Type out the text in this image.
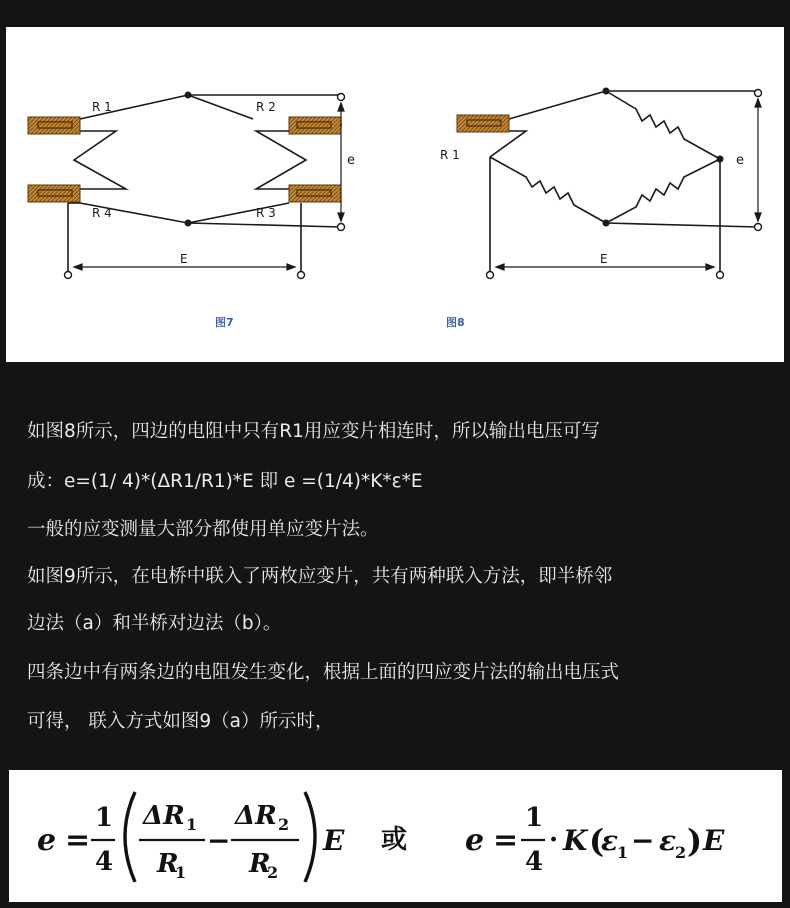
R 1	R 2
R 3
R 4
e
E
R 1	e
E
图7	图8

如图8所示，四边的电阻中只有R1用应变片相连时，所以输出电压可写

成：e=(1/ 4)*(ΔR1/R1)*E 即 e =(1/4)*K*ε*E

一般的应变测量大部分都使用单应变片法。

如图9所示，在电桥中联入了两枚应变片，共有两种联入方法，即半桥邻

边法（a）和半桥对边法（b）。

四条边中有两条边的电阻发生变化，根据上面的四应变片法的输出电压式

可得， 联入方式如图9（a）所示时，

e =
1
4
ΔR 1
R
1
−
ΔR 2
R
2
E 或 e =
1
4
· K (
ε
1 − ε
2 ) E
